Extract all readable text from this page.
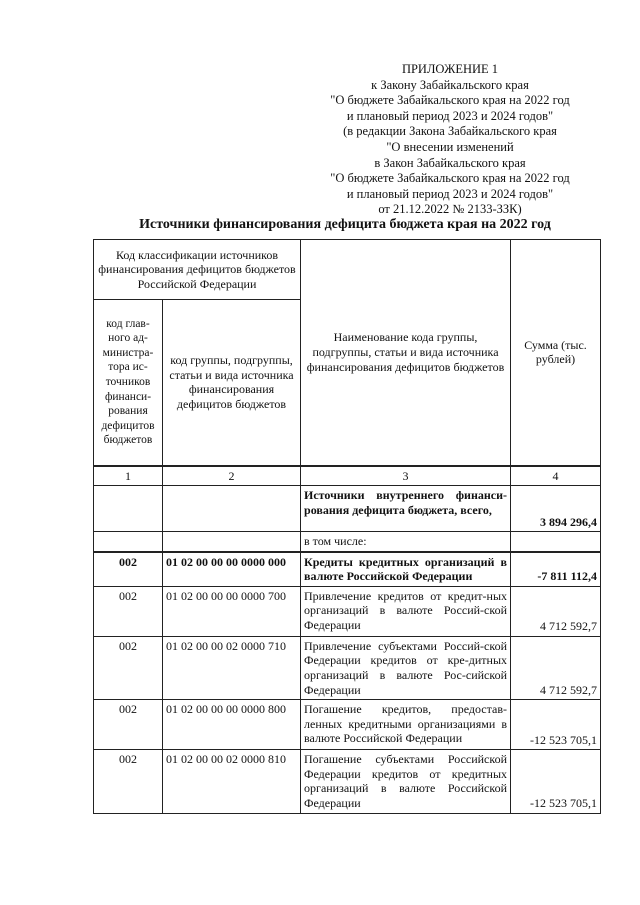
ПРИЛОЖЕНИЕ 1
к Закону Забайкальского края
"О бюджете Забайкальского края на 2022 год
и плановый период 2023 и 2024 годов"
(в редакции Закона Забайкальского края
"О внесении изменений
в Закон Забайкальского края
"О бюджете Забайкальского края на 2022 год
и плановый период 2023 и 2024 годов"
от 21.12.2022 № 2133-ЗЗК)
Источники финансирования дефицита бюджета края на 2022 год
Код классификации источников финансирования дефицитов бюджетов Российской Федерации		Наименование кода группы, подгруппы, статьи и вида источника финансирования дефицитов бюджетов	Сумма (тыс. рублей)
код глав-ного ад-министра-тора ис-точников финанси-рования дефицитов бюджетов	код группы, подгруппы, статьи и вида источника финансирования дефицитов бюджетов		
1	2	3	4
		Источники внутреннего финанси-рования дефицита бюджета, всего,	3 894 296,4
		в том числе:	
002	01 02 00 00 00 0000 000	Кредиты кредитных организаций в валюте Российской Федерации	-7 811 112,4
002	01 02 00 00 00 0000 700	Привлечение кредитов от кредит-ных организаций в валюте Россий-ской Федерации	4 712 592,7
002	01 02 00 00 02 0000 710	Привлечение субъектами Россий-ской Федерации кредитов от кре-дитных организаций в валюте Рос-сийской Федерации	4 712 592,7
002	01 02 00 00 00 0000 800	Погашение кредитов, предостав-ленных кредитными организациями в валюте Российской Федерации	-12 523 705,1
002	01 02 00 00 02 0000 810	Погашение субъектами Российской Федерации кредитов от кредитных организаций в валюте Российской Федерации	-12 523 705,1
